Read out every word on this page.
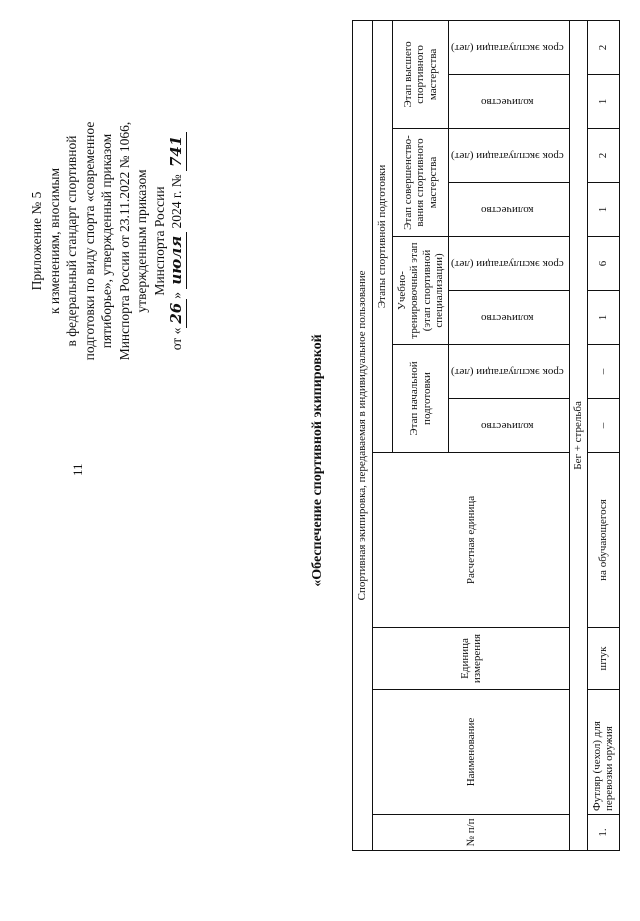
11
Приложение № 5 к изменениям, вносимым в федеральный стандарт спортивной подготовки по виду спорта «современное пятиборье», утвержденный приказом Минспорта России от 23.11.2022 № 1066, утвержденным приказом Минспорта России
от «26» июля 2024 г. № 741
«Обеспечение спортивной экипировкой	Спортивная экипировка, передаваемая в индивидуальное пользование											
№ п/п	Наименование	Единица измерения	Расчетная единица	Этапы спортивной подготовки							
				Этап начальной подготовки		Учебно-тренировочный этап (этап спортивной специализации)		Этап совершенство-вания спортивного мастерства		Этап высшего спортивного мастерства	
				количество	срок эксплуатации (лет)	количество	срок эксплуатации (лет)	количество	срок эксплуатации (лет)	количество	срок эксплуатации (лет)
Бег + стрельба											
1.	Футляр (чехол) для перевозки оружия	штук	на обучающегося	–	–	1	6	1	2	1	2
